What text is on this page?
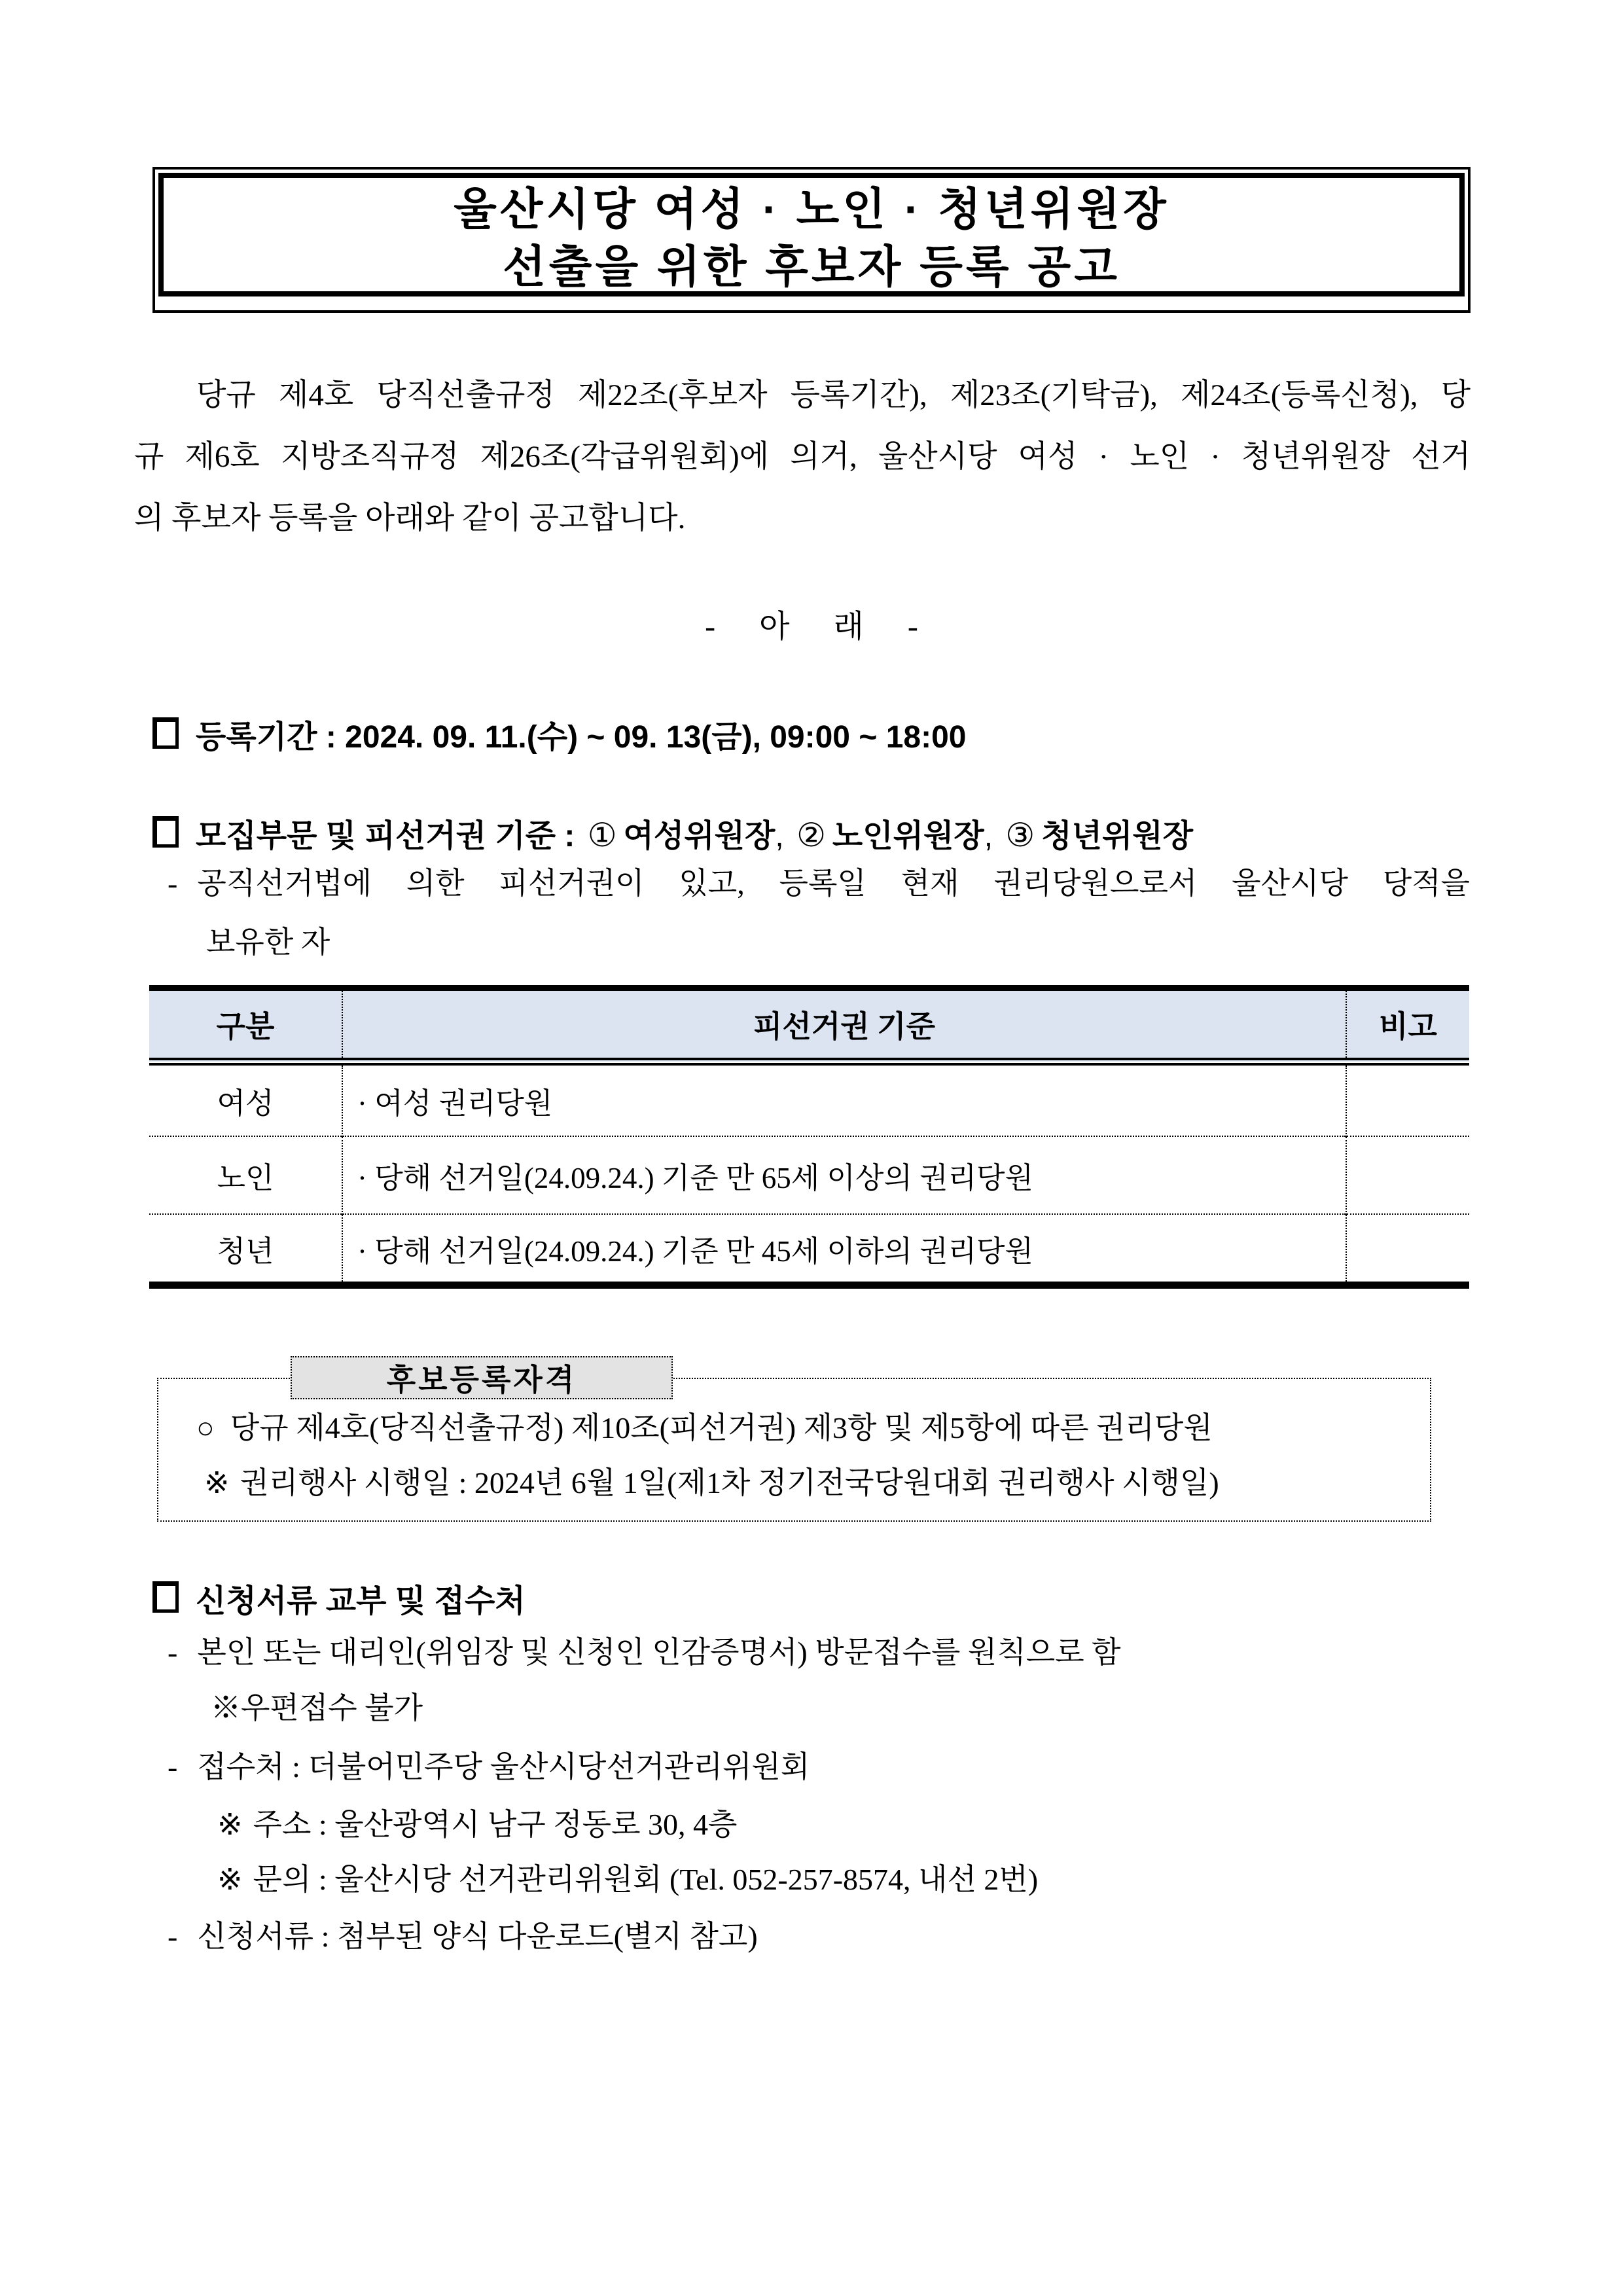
울산시당 여성 · 노인 · 청년위원장
선출을 위한 후보자 등록 공고
당규 제4호 당직선출규정 제22조(후보자 등록기간), 제23조(기탁금), 제24조(등록신청), 당
규 제6호 지방조직규정 제26조(각급위원회)에 의거, 울산시당 여성 · 노인 · 청년위원장 선거
의 후보자 등록을 아래와 같이 공고합니다.
- 아 래 -
등록기간 : 2024. 09. 11.(수) ~ 09. 13(금), 09:00 ~ 18:00
모집부문 및 피선거권 기준 : ① 여성위원장, ② 노인위원장, ③ 청년위원장
- 공직선거법에 의한 피선거권이 있고, 등록일 현재 권리당원으로서 울산시당 당적을
보유한 자
구분	피선거권 기준	비고
여성	· 여성 권리당원	
노인	· 당해 선거일(24.09.24.) 기준 만 65세 이상의 권리당원	
청년	· 당해 선거일(24.09.24.) 기준 만 45세 이하의 권리당원	
후보등록자격
○ 당규 제4호(당직선출규정) 제10조(피선거권) 제3항 및 제5항에 따른 권리당원
※ 권리행사 시행일 : 2024년 6월 1일(제1차 정기전국당원대회 권리행사 시행일)
신청서류 교부 및 접수처
- 본인 또는 대리인(위임장 및 신청인 인감증명서) 방문접수를 원칙으로 함
※우편접수 불가
- 접수처 : 더불어민주당 울산시당선거관리위원회
※ 주소 : 울산광역시 남구 정동로 30, 4층
※ 문의 : 울산시당 선거관리위원회 (Tel. 052-257-8574, 내선 2번)
- 신청서류 : 첨부된 양식 다운로드(별지 참고)
